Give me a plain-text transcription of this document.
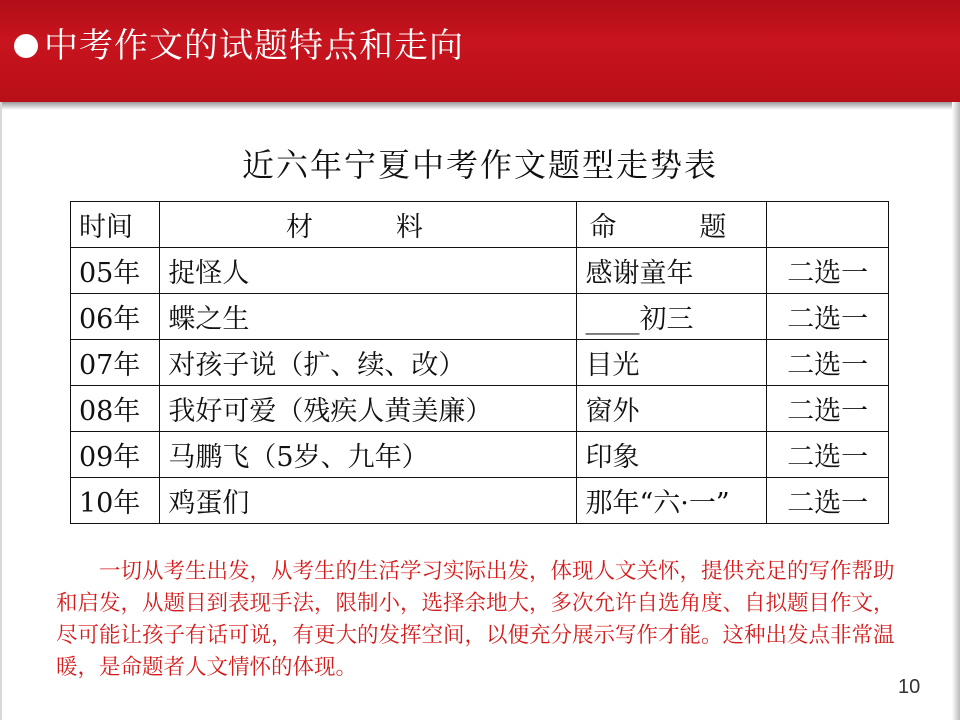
中考作文的试题特点和走向
近六年宁夏中考作文题型走势表
时间	材　料	命　题	
05年	捉怪人	感谢童年	二选一
06年	蝶之生	____初三	二选一
07年	对孩子说（扩、续、改）	目光	二选一
08年	我好可爱（残疾人黄美廉）	窗外	二选一
09年	马鹏飞（5岁、九年）	印象	二选一
10年	鸡蛋们	那年“六·一”	二选一

一切从考生出发，从考生的生活学习实际出发，体现人文关怀，提供充足的写作帮助和启发，从题目到表现手法，限制小，选择余地大，多次允许自选角度、自拟题目作文，尽可能让孩子有话可说，有更大的发挥空间，以便充分展示写作才能。这种出发点非常温暖，是命题者人文情怀的体现。

10
